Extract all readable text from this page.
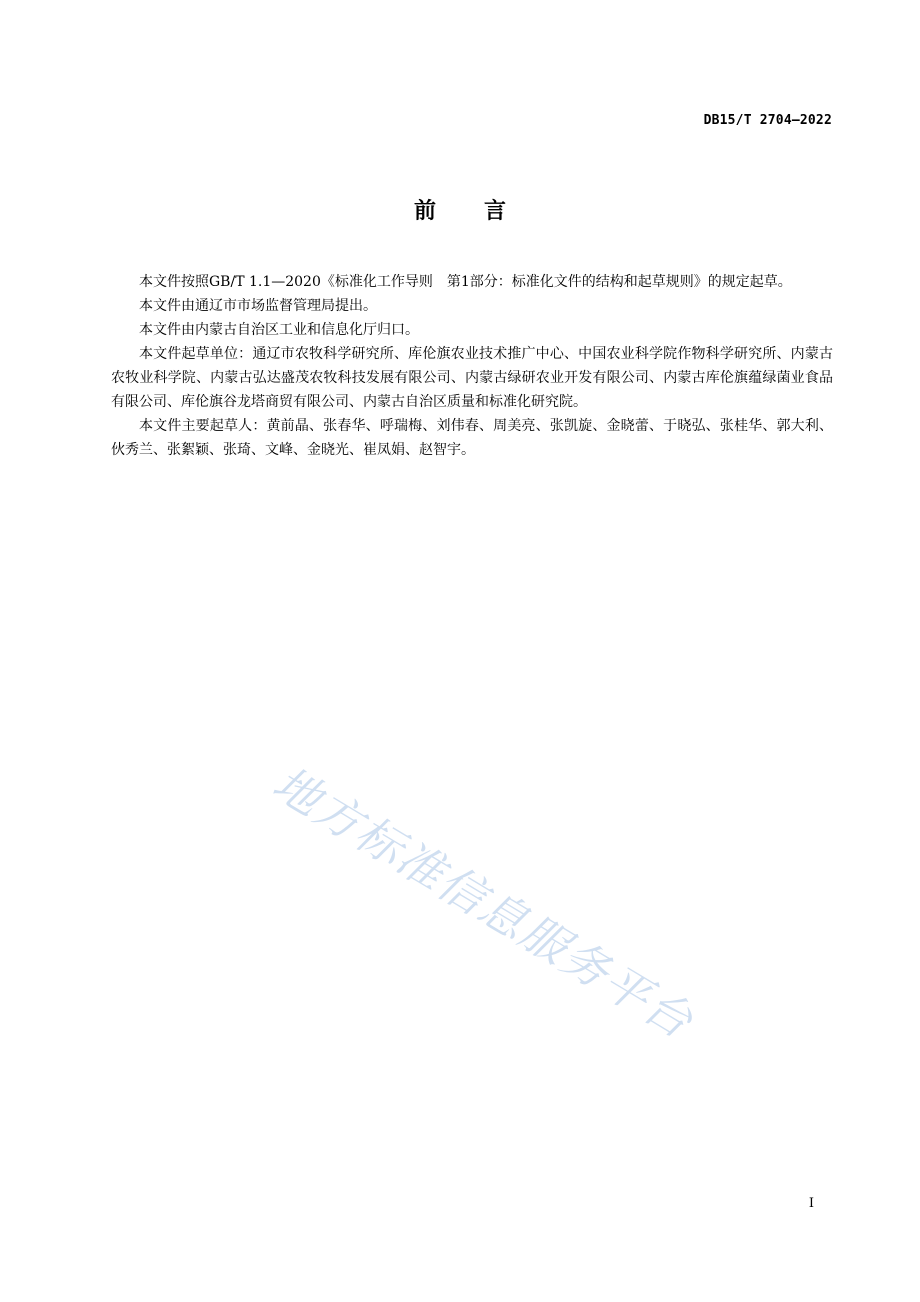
DB15/T 2704—2022
前言

本文件按照GB/T 1.1—2020《标准化工作导则　第1部分：标准化文件的结构和起草规则》的规定起草。

本文件由通辽市市场监督管理局提出。

本文件由内蒙古自治区工业和信息化厅归口。

本文件起草单位：通辽市农牧科学研究所、库伦旗农业技术推广中心、中国农业科学院作物科学研究所、内蒙古农牧业科学院、内蒙古弘达盛茂农牧科技发展有限公司、内蒙古绿研农业开发有限公司、内蒙古库伦旗蕴绿菌业食品有限公司、库伦旗谷龙塔商贸有限公司、内蒙古自治区质量和标准化研究院。

本文件主要起草人：黄前晶、张春华、呼瑞梅、刘伟春、周美亮、张凯旋、金晓蕾、于晓弘、张桂华、郭大利、伙秀兰、张絮颖、张琦、文峰、金晓光、崔凤娟、赵智宇。

地方标准信息服务平台
I
